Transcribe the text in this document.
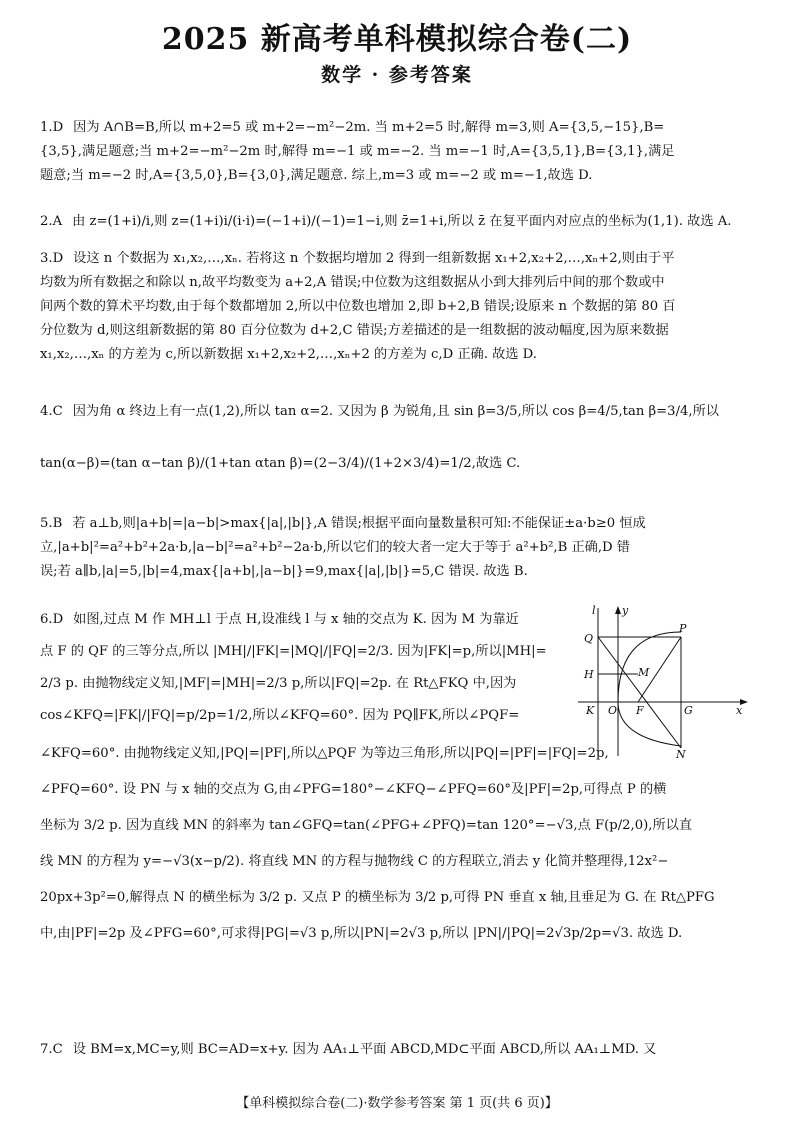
2025 新高考单科模拟综合卷(二)
数学 · 参考答案

1.D 因为 A∩B=B,所以 m+2=5 或 m+2=−m²−2m. 当 m+2=5 时,解得 m=3,则 A={3,5,−15},B=

{3,5},满足题意;当 m+2=−m²−2m 时,解得 m=−1 或 m=−2. 当 m=−1 时,A={3,5,1},B={3,1},满足

题意;当 m=−2 时,A={3,5,0},B={3,0},满足题意. 综上,m=3 或 m=−2 或 m=−1,故选 D.

2.A 由 z=(1+i)/i,则 z=(1+i)i/(i·i)=(−1+i)/(−1)=1−i,则 z̄=1+i,所以 z̄ 在复平面内对应点的坐标为(1,1). 故选 A.

3.D 设这 n 个数据为 x₁,x₂,…,xₙ. 若将这 n 个数据均增加 2 得到一组新数据 x₁+2,x₂+2,…,xₙ+2,则由于平

均数为所有数据之和除以 n,故平均数变为 a+2,A 错误;中位数为这组数据从小到大排列后中间的那个数或中

间两个数的算术平均数,由于每个数都增加 2,所以中位数也增加 2,即 b+2,B 错误;设原来 n 个数据的第 80 百

分位数为 d,则这组新数据的第 80 百分位数为 d+2,C 错误;方差描述的是一组数据的波动幅度,因为原来数据

x₁,x₂,…,xₙ 的方差为 c,所以新数据 x₁+2,x₂+2,…,xₙ+2 的方差为 c,D 正确. 故选 D.

4.C 因为角 α 终边上有一点(1,2),所以 tan α=2. 又因为 β 为锐角,且 sin β=3/5,所以 cos β=4/5,tan β=3/4,所以

tan(α−β)=(tan α−tan β)/(1+tan αtan β)=(2−3/4)/(1+2×3/4)=1/2,故选 C.

5.B 若 a⊥b,则|a+b|=|a−b|>max{|a|,|b|},A 错误;根据平面向量数量积可知:不能保证±a·b≥0 恒成

立,|a+b|²=a²+b²+2a·b,|a−b|²=a²+b²−2a·b,所以它们的较大者一定大于等于 a²+b²,B 正确,D 错

误;若 a∥b,|a|=5,|b|=4,max{|a+b|,|a−b|}=9,max{|a|,|b|}=5,C 错误. 故选 B.

6.D 如图,过点 M 作 MH⊥l 于点 H,设准线 l 与 x 轴的交点为 K. 因为 M 为靠近

点 F 的 QF 的三等分点,所以 |MH|/|FK|=|MQ|/|FQ|=2/3. 因为|FK|=p,所以|MH|=

2/3 p. 由抛物线定义知,|MF|=|MH|=2/3 p,所以|FQ|=2p. 在 Rt△FKQ 中,因为

cos∠KFQ=|FK|/|FQ|=p/2p=1/2,所以∠KFQ=60°. 因为 PQ∥FK,所以∠PQF=

∠KFQ=60°. 由抛物线定义知,|PQ|=|PF|,所以△PQF 为等边三角形,所以|PQ|=|PF|=|FQ|=2p,

∠PFQ=60°. 设 PN 与 x 轴的交点为 G,由∠PFG=180°−∠KFQ−∠PFQ=60°及|PF|=2p,可得点 P 的横

坐标为 3/2 p. 因为直线 MN 的斜率为 tan∠GFQ=tan(∠PFG+∠PFQ)=tan 120°=−√3,点 F(p/2,0),所以直

线 MN 的方程为 y=−√3(x−p/2). 将直线 MN 的方程与抛物线 C 的方程联立,消去 y 化简并整理得,12x²−

20px+3p²=0,解得点 N 的横坐标为 3/2 p. 又点 P 的横坐标为 3/2 p,可得 PN 垂直 x 轴,且垂足为 G. 在 Rt△PFG

中,由|PF|=2p 及∠PFG=60°,可求得|PG|=√3 p,所以|PN|=2√3 p,所以 |PN|/|PQ|=2√3p/2p=√3. 故选 D.

7.C 设 BM=x,MC=y,则 BC=AD=x+y. 因为 AA₁⊥平面 ABCD,MD⊂平面 ABCD,所以 AA₁⊥MD. 又

l y
Q
P
H	M
K O F	G	x
N
【单科模拟综合卷(二)·数学参考答案 第 1 页(共 6 页)】
